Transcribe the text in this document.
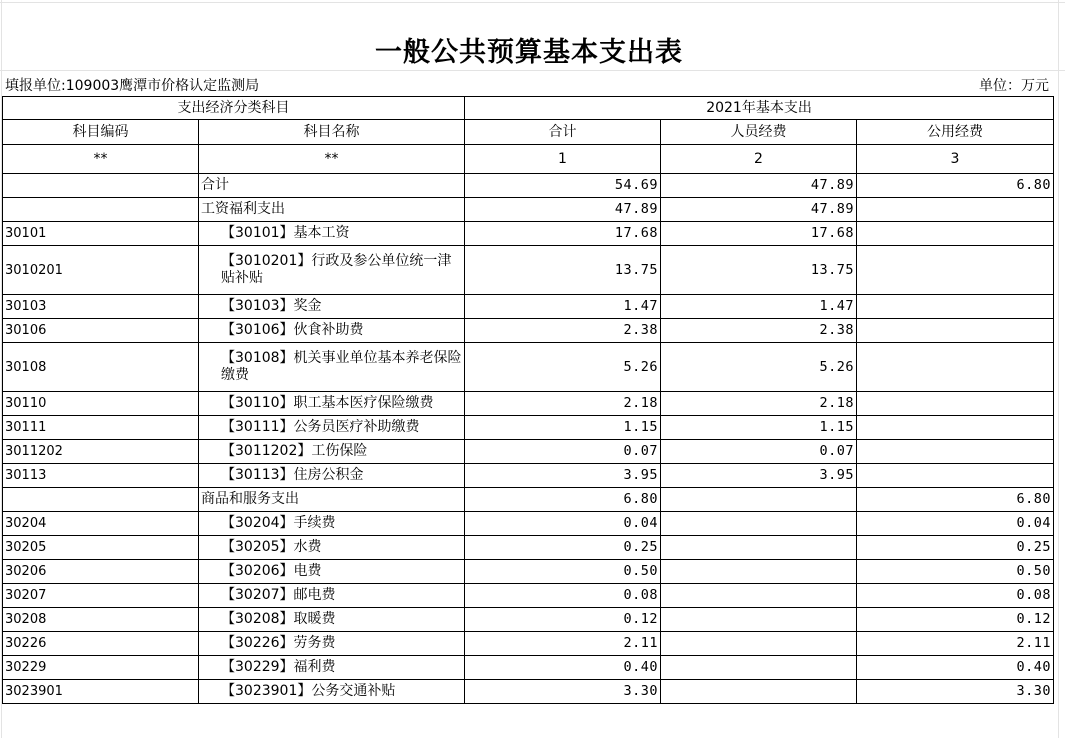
一般公共预算基本支出表
填报单位:109003鹰潭市价格认定监测局	单位：万元
支出经济分类科目		2021年基本支出		
科目编码	科目名称	合计	人员经费	公用经费
**	**	1	2	3
	合计	54.69	47.89	6.80
	工资福利支出	47.89	47.89	
30101	【30101】基本工资	17.68	17.68	
3010201	【3010201】行政及参公单位统一津贴补贴	13.75	13.75	
30103	【30103】奖金	1.47	1.47	
30106	【30106】伙食补助费	2.38	2.38	
30108	【30108】机关事业单位基本养老保险缴费	5.26	5.26	
30110	【30110】职工基本医疗保险缴费	2.18	2.18	
30111	【30111】公务员医疗补助缴费	1.15	1.15	
3011202	【3011202】工伤保险	0.07	0.07	
30113	【30113】住房公积金	3.95	3.95	
	商品和服务支出	6.80		6.80
30204	【30204】手续费	0.04		0.04
30205	【30205】水费	0.25		0.25
30206	【30206】电费	0.50		0.50
30207	【30207】邮电费	0.08		0.08
30208	【30208】取暖费	0.12		0.12
30226	【30226】劳务费	2.11		2.11
30229	【30229】福利费	0.40		0.40
3023901	【3023901】公务交通补贴	3.30		3.30
